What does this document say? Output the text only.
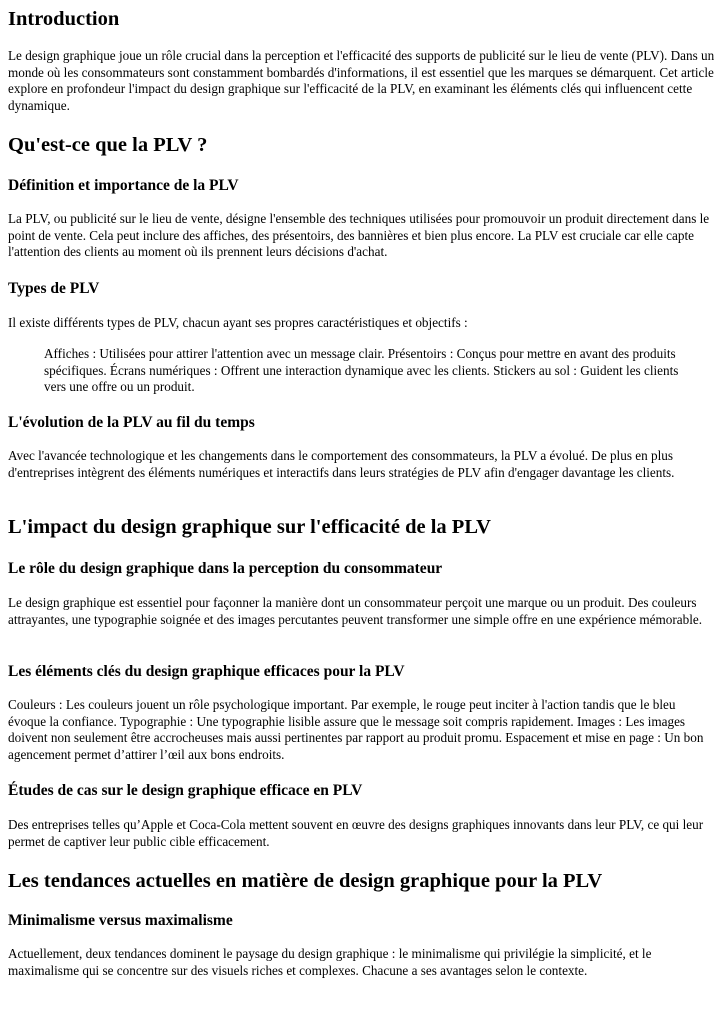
Introduction

Le design graphique joue un rôle crucial dans la perception et l'efficacité des supports de publicité sur le lieu de vente (PLV). Dans un monde où les consommateurs sont constamment bombardés d'informations, il est essentiel que les marques se démarquent. Cet article explore en profondeur l'impact du design graphique sur l'efficacité de la PLV, en examinant les éléments clés qui influencent cette dynamique.

Qu'est-ce que la PLV ?
Définition et importance de la PLV

La PLV, ou publicité sur le lieu de vente, désigne l'ensemble des techniques utilisées pour promouvoir un produit directement dans le point de vente. Cela peut inclure des affiches, des présentoirs, des bannières et bien plus encore. La PLV est cruciale car elle capte l'attention des clients au moment où ils prennent leurs décisions d'achat.

Types de PLV

Il existe différents types de PLV, chacun ayant ses propres caractéristiques et objectifs :

Affiches : Utilisées pour attirer l'attention avec un message clair. Présentoirs : Conçus pour mettre en avant des produits spécifiques. Écrans numériques : Offrent une interaction dynamique avec les clients. Stickers au sol : Guident les clients vers une offre ou un produit.
L'évolution de la PLV au fil du temps

Avec l'avancée technologique et les changements dans le comportement des consommateurs, la PLV a évolué. De plus en plus d'entreprises intègrent des éléments numériques et interactifs dans leurs stratégies de PLV afin d'engager davantage les clients.

L'impact du design graphique sur l'efficacité de la PLV
Le rôle du design graphique dans la perception du consommateur

Le design graphique est essentiel pour façonner la manière dont un consommateur perçoit une marque ou un produit. Des couleurs attrayantes, une typographie soignée et des images percutantes peuvent transformer une simple offre en une expérience mémorable.

Les éléments clés du design graphique efficaces pour la PLV

Couleurs : Les couleurs jouent un rôle psychologique important. Par exemple, le rouge peut inciter à l'action tandis que le bleu évoque la confiance. Typographie : Une typographie lisible assure que le message soit compris rapidement. Images : Les images doivent non seulement être accrocheuses mais aussi pertinentes par rapport au produit promu. Espacement et mise en page : Un bon agencement permet d’attirer l’œil aux bons endroits.

Études de cas sur le design graphique efficace en PLV

Des entreprises telles qu’Apple et Coca-Cola mettent souvent en œuvre des designs graphiques innovants dans leur PLV, ce qui leur permet de captiver leur public cible efficacement.

Les tendances actuelles en matière de design graphique pour la PLV
Minimalisme versus maximalisme

Actuellement, deux tendances dominent le paysage du design graphique : le minimalisme qui privilégie la simplicité, et le maximalisme qui se concentre sur des visuels riches et complexes. Chacune a ses avantages selon le contexte.
